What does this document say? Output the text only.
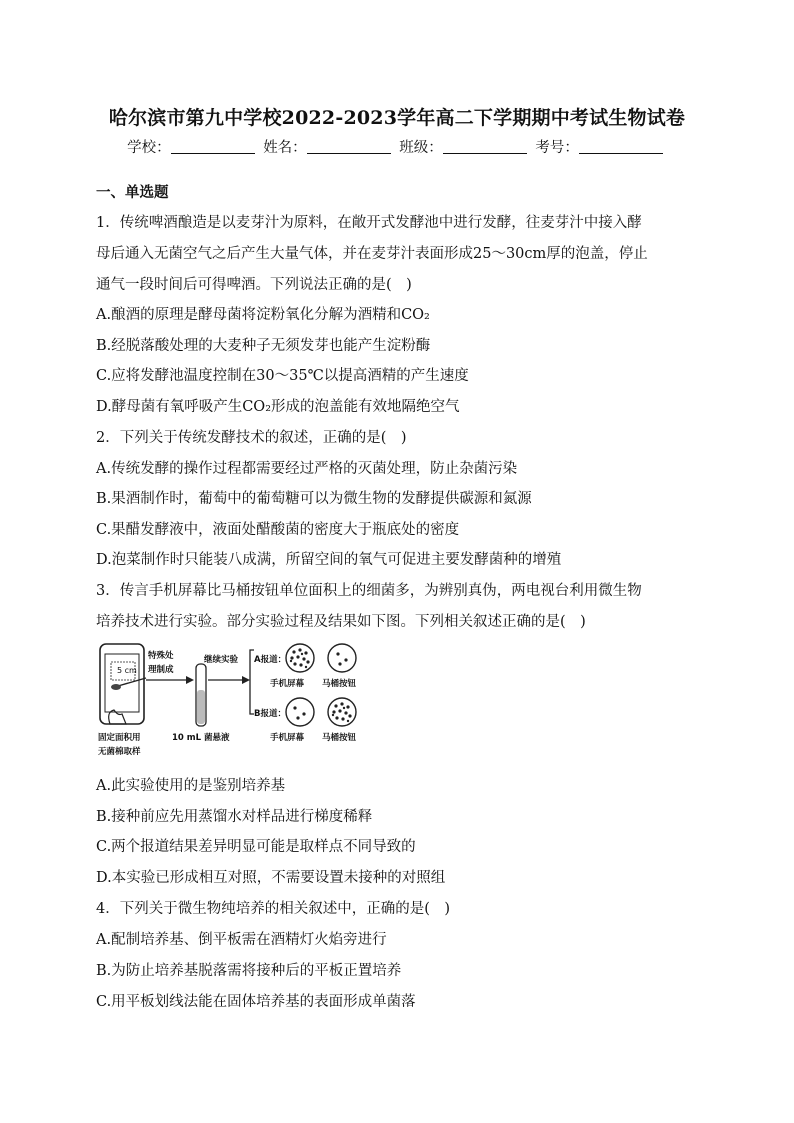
哈尔滨市第九中学校2022-2023学年高二下学期期中考试生物试卷
学校：	姓名：	班级：	考号：
一、单选题
1．传统啤酒酿造是以麦芽汁为原料，在敞开式发酵池中进行发酵，往麦芽汁中接入酵
母后通入无菌空气之后产生大量气体，并在麦芽汁表面形成25～30cm厚的泡盖，停止
通气一段时间后可得啤酒。下列说法正确的是(　)
A.酿酒的原理是酵母菌将淀粉氧化分解为酒精和CO₂
B.经脱落酸处理的大麦种子无须发芽也能产生淀粉酶
C.应将发酵池温度控制在30～35℃以提高酒精的产生速度
D.酵母菌有氧呼吸产生CO₂形成的泡盖能有效地隔绝空气
2．下列关于传统发酵技术的叙述，正确的是(　)
A.传统发酵的操作过程都需要经过严格的灭菌处理，防止杂菌污染
B.果酒制作时，葡萄中的葡萄糖可以为微生物的发酵提供碳源和氮源
C.果醋发酵液中，液面处醋酸菌的密度大于瓶底处的密度
D.泡菜制作时只能装八成满，所留空间的氧气可促进主要发酵菌种的增殖
3．传言手机屏幕比马桶按钮单位面积上的细菌多，为辨别真伪，两电视台利用微生物
培养技术进行实验。部分实验过程及结果如下图。下列相关叙述正确的是(　)
5 cm
固定面积用
无菌棉取样
特殊处
理制成
10 mL 菌悬液
继续实验 A报道：
手机屏幕 马桶按钮
B报道：
手机屏幕 马桶按钮
A.此实验使用的是鉴别培养基
B.接种前应先用蒸馏水对样品进行梯度稀释
C.两个报道结果差异明显可能是取样点不同导致的
D.本实验已形成相互对照，不需要设置未接种的对照组
4．下列关于微生物纯培养的相关叙述中，正确的是(　)
A.配制培养基、倒平板需在酒精灯火焰旁进行
B.为防止培养基脱落需将接种后的平板正置培养
C.用平板划线法能在固体培养基的表面形成单菌落
